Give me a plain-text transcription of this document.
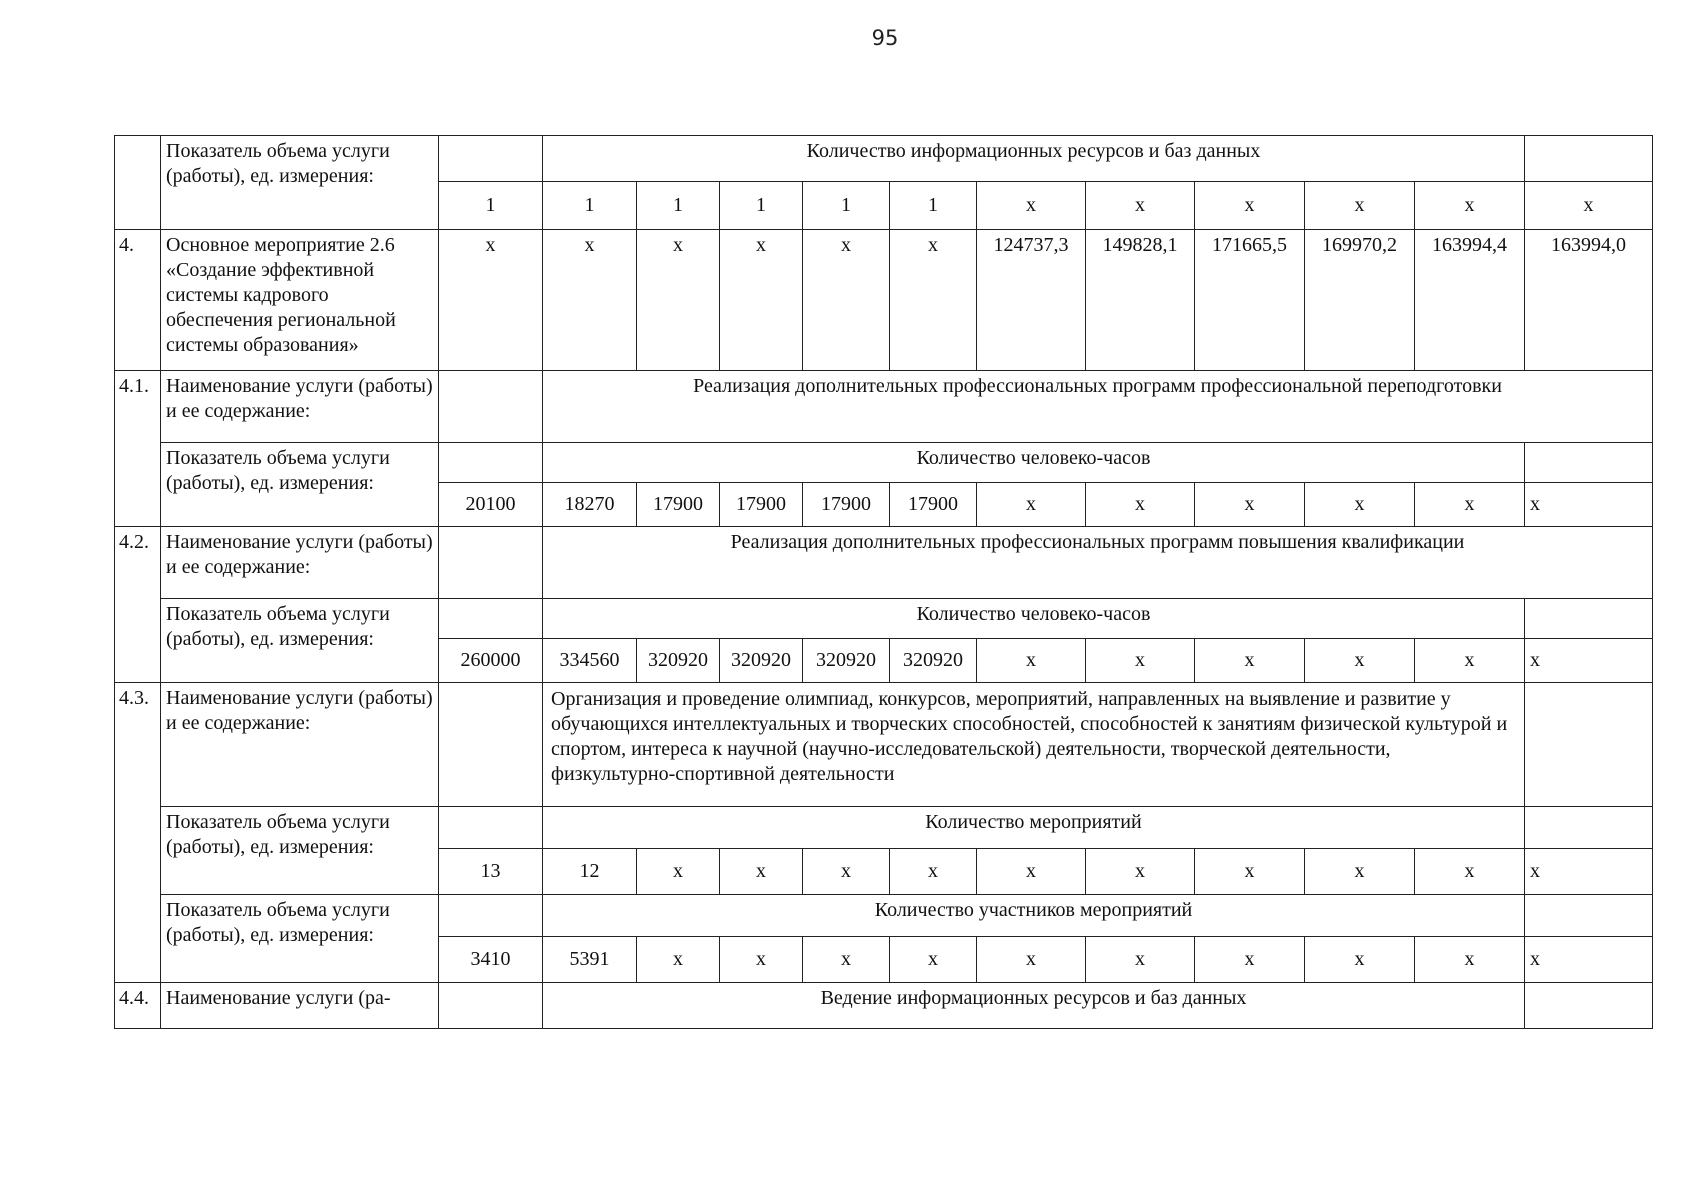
95
	Показатель объема услуги (работы), ед. измерения:		Количество информационных ресурсов и баз данных										
		1	1	1	1	1	1	x	x	x	x	x	x
4.	Основное мероприятие 2.6 «Создание эффективной системы кадрового обеспечения региональной системы образования»	x	x	x	x	x	x	124737,3	149828,1	171665,5	169970,2	163994,4	163994,0
4.1.	Наименование услуги (работы) и ее содержание:		Реализация дополнительных профессиональных программ профессиональной переподготовки										
	Показатель объема услуги (работы), ед. измерения:		Количество человеко-часов										
		20100	18270	17900	17900	17900	17900	x	x	x	x	x	x
4.2.	Наименование услуги (работы) и ее содержание:		Реализация дополнительных профессиональных программ повышения квалификации										
	Показатель объема услуги (работы), ед. измерения:		Количество человеко-часов										
		260000	334560	320920	320920	320920	320920	x	x	x	x	x	x
4.3.	Наименование услуги (работы) и ее содержание:		Организация и проведение олимпиад, конкурсов, мероприятий, направленных на выявление и развитие у обучающихся интеллектуальных и творческих способностей, способностей к занятиям физической культурой и спортом, интереса к научной (научно-исследовательской) деятельности, творческой деятельности, физкультурно-спортивной деятельности										
	Показатель объема услуги (работы), ед. измерения:		Количество мероприятий										
		13	12	x	x	x	x	x	x	x	x	x	x
	Показатель объема услуги (работы), ед. измерения:		Количество участников мероприятий										
		3410	5391	x	x	x	x	x	x	x	x	x	x
4.4.	Наименование услуги (ра-		Ведение информационных ресурсов и баз данных										
